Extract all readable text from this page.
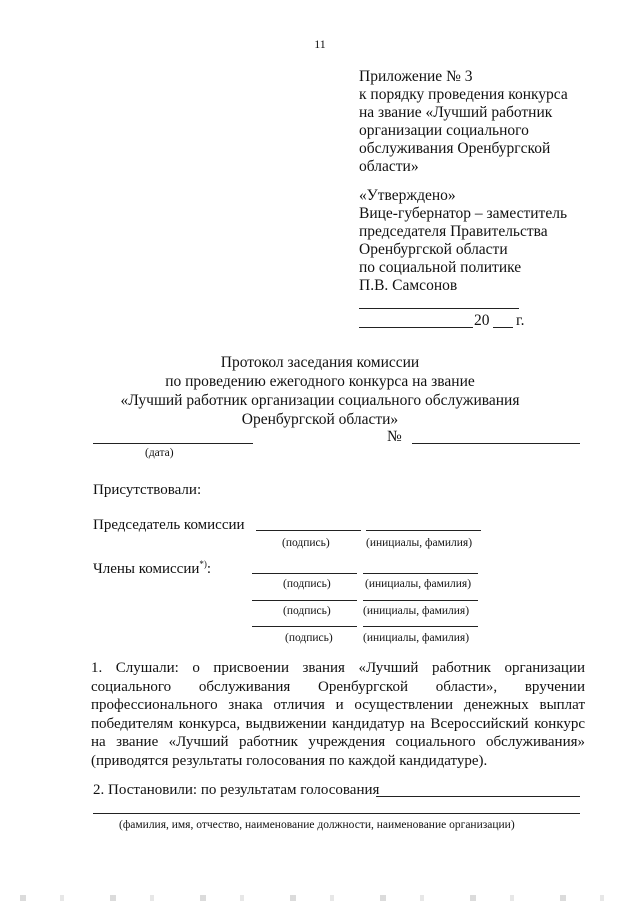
11
Приложение № 3
к порядку проведения конкурса
на звание «Лучший работник
организации социального
обслуживания Оренбургской
области»
«Утверждено»
Вице-губернатор – заместитель
председателя Правительства
Оренбургской области
по социальной политике
П.В. Самсонов
20 г.
Протокол заседания комиссии
по проведению ежегодного конкурса на звание
«Лучший работник организации социального обслуживания
Оренбургской области»
(дата)
№
Присутствовали:
Председатель комиссии
(подпись)	(инициалы, фамилия)
Члены комиссии*):
(подпись)	(инициалы, фамилия)
(подпись)	(инициалы, фамилия)
(подпись)	(инициалы, фамилия)
1. Слушали: о присвоении звания «Лучший работник организации
социального обслуживания Оренбургской области», вручении
профессионального знака отличия и осуществлении денежных выплат
победителям конкурса, выдвижении кандидатур на Всероссийский конкурс
на звание «Лучший работник учреждения социального обслуживания»
(приводятся результаты голосования по каждой кандидатуре).
2. Постановили: по результатам голосования
(фамилия, имя, отчество, наименование должности, наименование организации)
